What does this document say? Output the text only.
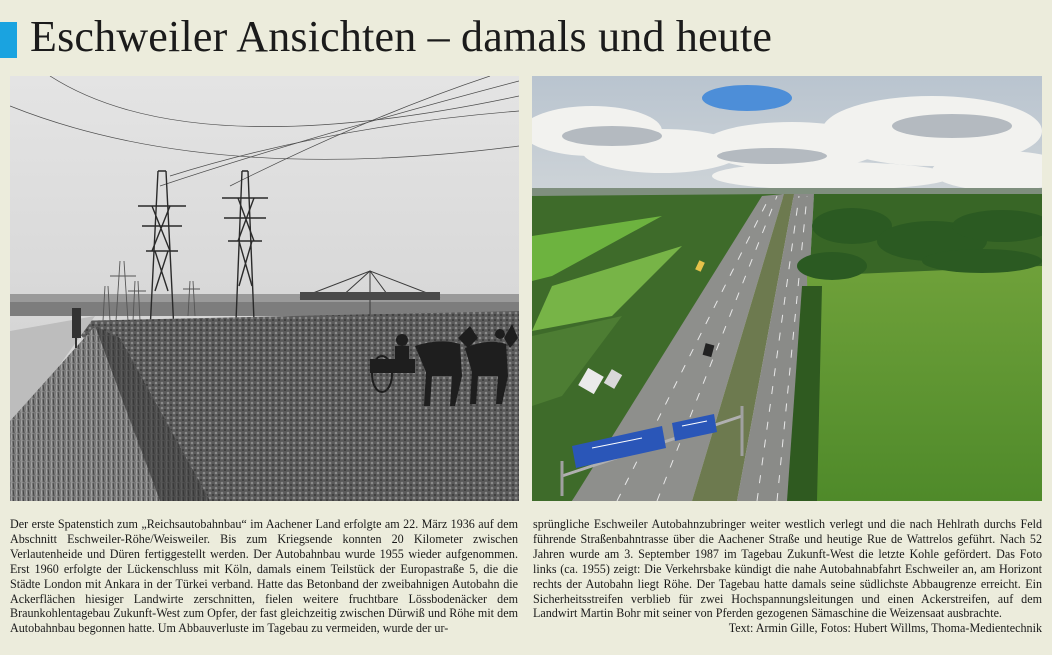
Eschweiler Ansichten – damals und heute
Der erste Spatenstich zum „Reichsautobahnbau“ im Aachener Land erfolgte am 22. März 1936 auf dem Abschnitt Eschweiler-Röhe/Weisweiler. Bis zum Kriegsende konnten 20 Kilometer zwischen Verlautenheide und Düren fertiggestellt werden. Der Autobahnbau wurde 1955 wieder aufgenommen. Erst 1960 erfolgte der Lückenschluss mit Köln, damals einem Teilstück der Europastraße 5, die die Städte London mit Ankara in der Türkei verband. Hatte das Betonband der zweibahnigen Autobahn die Ackerflächen hiesiger Landwirte zerschnitten, fielen weitere fruchtbare Lössbodenäcker dem Braunkohlentagebau Zukunft-West zum Opfer, der fast gleichzeitig zwischen Dürwiß und Röhe mit dem Autobahnbau begonnen hatte. Um Abbauverluste im Tagebau zu vermeiden, wurde der ur-
sprüngliche Eschweiler Autobahnzubringer weiter westlich verlegt und die nach Hehlrath durchs Feld führende Straßenbahntrasse über die Aachener Straße und heutige Rue de Wattrelos geführt. Nach 52 Jahren wurde am 3. September 1987 im Tagebau Zukunft-West die letzte Kohle gefördert. Das Foto links (ca. 1955) zeigt: Die Verkehrsbake kündigt die nahe Autobahnabfahrt Eschweiler an, am Horizont rechts der Autobahn liegt Röhe. Der Tagebau hatte damals seine südlichste Abbaugrenze erreicht. Ein Sicherheitsstreifen verblieb für zwei Hochspannungsleitungen und einen Ackerstreifen, auf dem Landwirt Martin Bohr mit seiner von Pferden gezogenen Sämaschine die Weizensaat ausbrachte.
Text: Armin Gille, Fotos: Hubert Willms, Thoma-Medientechnik
